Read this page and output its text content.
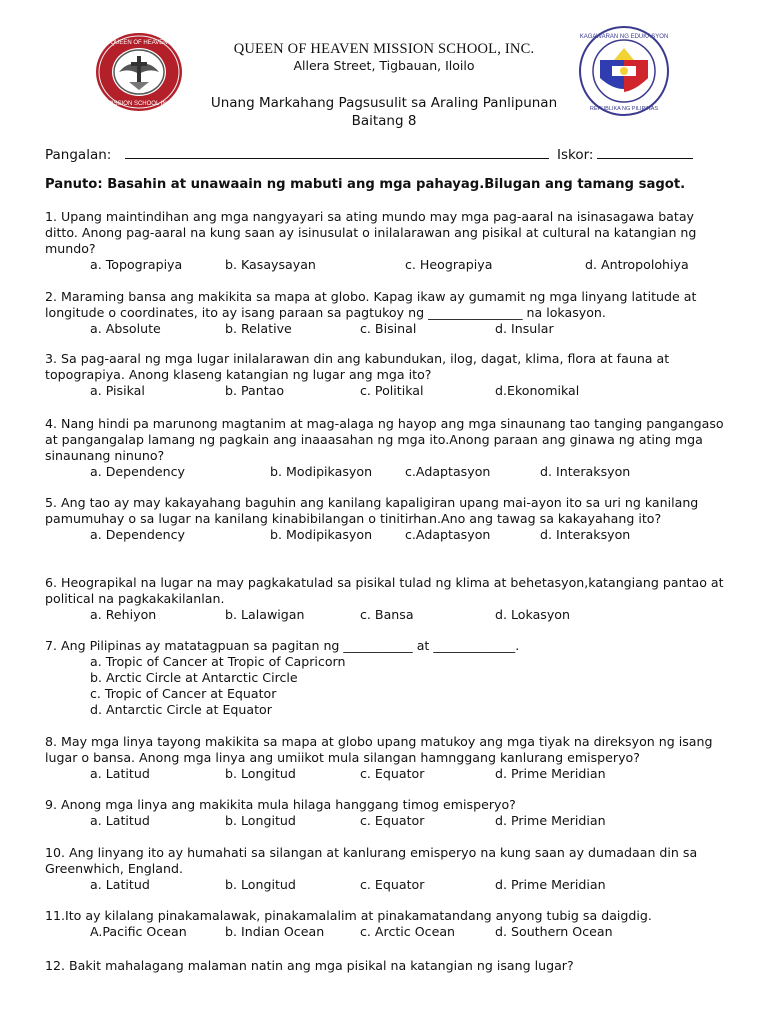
QUEEN OF HEAVEN
MISSION SCHOOL INC
KAGAWARAN NG EDUKASYON
REPUBLIKA NG PILIPINAS
QUEEN OF HEAVEN MISSION SCHOOL, INC.
Allera Street, Tigbauan, Iloilo
Unang Markahang Pagsusulit sa Araling Panlipunan
Baitang 8
Pangalan:	Iskor:
Panuto: Basahin at unawaain ng mabuti ang mga pahayag.Bilugan ang tamang sagot.
1. Upang maintindihan ang mga nangyayari sa ating mundo may mga pag-aaral na isinasagawa batay ditto. Anong pag-aaral na kung saan ay isinusulat o inilalarawan ang pisikal at cultural na katangian ng mundo?
a. Topograpiya	b. Kasaysayan	c. Heograpiya	d. Antropolohiya
2. Maraming bansa ang makikita sa mapa at globo. Kapag ikaw ay gumamit ng mga linyang latitude at longitude o coordinates, ito ay isang paraan sa pagtukoy ng _______________ na lokasyon.
a. Absolute	b. Relative	c. Bisinal	d. Insular
3. Sa pag-aaral ng mga lugar inilalarawan din ang kabundukan, ilog, dagat, klima, flora at fauna at topograpiya. Anong klaseng katangian ng lugar ang mga ito?
a. Pisikal	b. Pantao	c. Politikal	d.Ekonomikal
4. Nang hindi pa marunong magtanim at mag-alaga ng hayop ang mga sinaunang tao tanging pangangaso at pangangalap lamang ng pagkain ang inaaasahan ng mga ito.Anong paraan ang ginawa ng ating mga sinaunang ninuno?
a. Dependency	b. Modipikasyon	c.Adaptasyon	d. Interaksyon
5. Ang tao ay may kakayahang baguhin ang kanilang kapaligiran upang mai-ayon ito sa uri ng kanilang pamumuhay o sa lugar na kanilang kinabibilangan o tinitirhan.Ano ang tawag sa kakayahang ito?
a. Dependency	b. Modipikasyon	c.Adaptasyon	d. Interaksyon
6. Heograpikal na lugar na may pagkakatulad sa pisikal tulad ng klima at behetasyon,katangiang pantao at political na pagkakakilanlan.
a. Rehiyon	b. Lalawigan	c. Bansa	d. Lokasyon
7. Ang Pilipinas ay matatagpuan sa pagitan ng ___________ at _____________.
a. Tropic of Cancer at Tropic of Capricorn
b. Arctic Circle at Antarctic Circle
c. Tropic of Cancer at Equator
d. Antarctic Circle at Equator
8. May mga linya tayong makikita sa mapa at globo upang matukoy ang mga tiyak na direksyon ng isang lugar o bansa. Anong mga linya ang umiikot mula silangan hamnggang kanlurang emisperyo?
a. Latitud	b. Longitud	c. Equator	d. Prime Meridian
9. Anong mga linya ang makikita mula hilaga hanggang timog emisperyo?
a. Latitud	b. Longitud	c. Equator	d. Prime Meridian
10. Ang linyang ito ay humahati sa silangan at kanlurang emisperyo na kung saan ay dumadaan din sa Greenwhich, England.
a. Latitud	b. Longitud	c. Equator	d. Prime Meridian
11.Ito ay kilalang pinakamalawak, pinakamalalim at pinakamatandang anyong tubig sa daigdig.
A.Pacific Ocean	b. Indian Ocean	c. Arctic Ocean	d. Southern Ocean
12. Bakit mahalagang malaman natin ang mga pisikal na katangian ng isang lugar?
